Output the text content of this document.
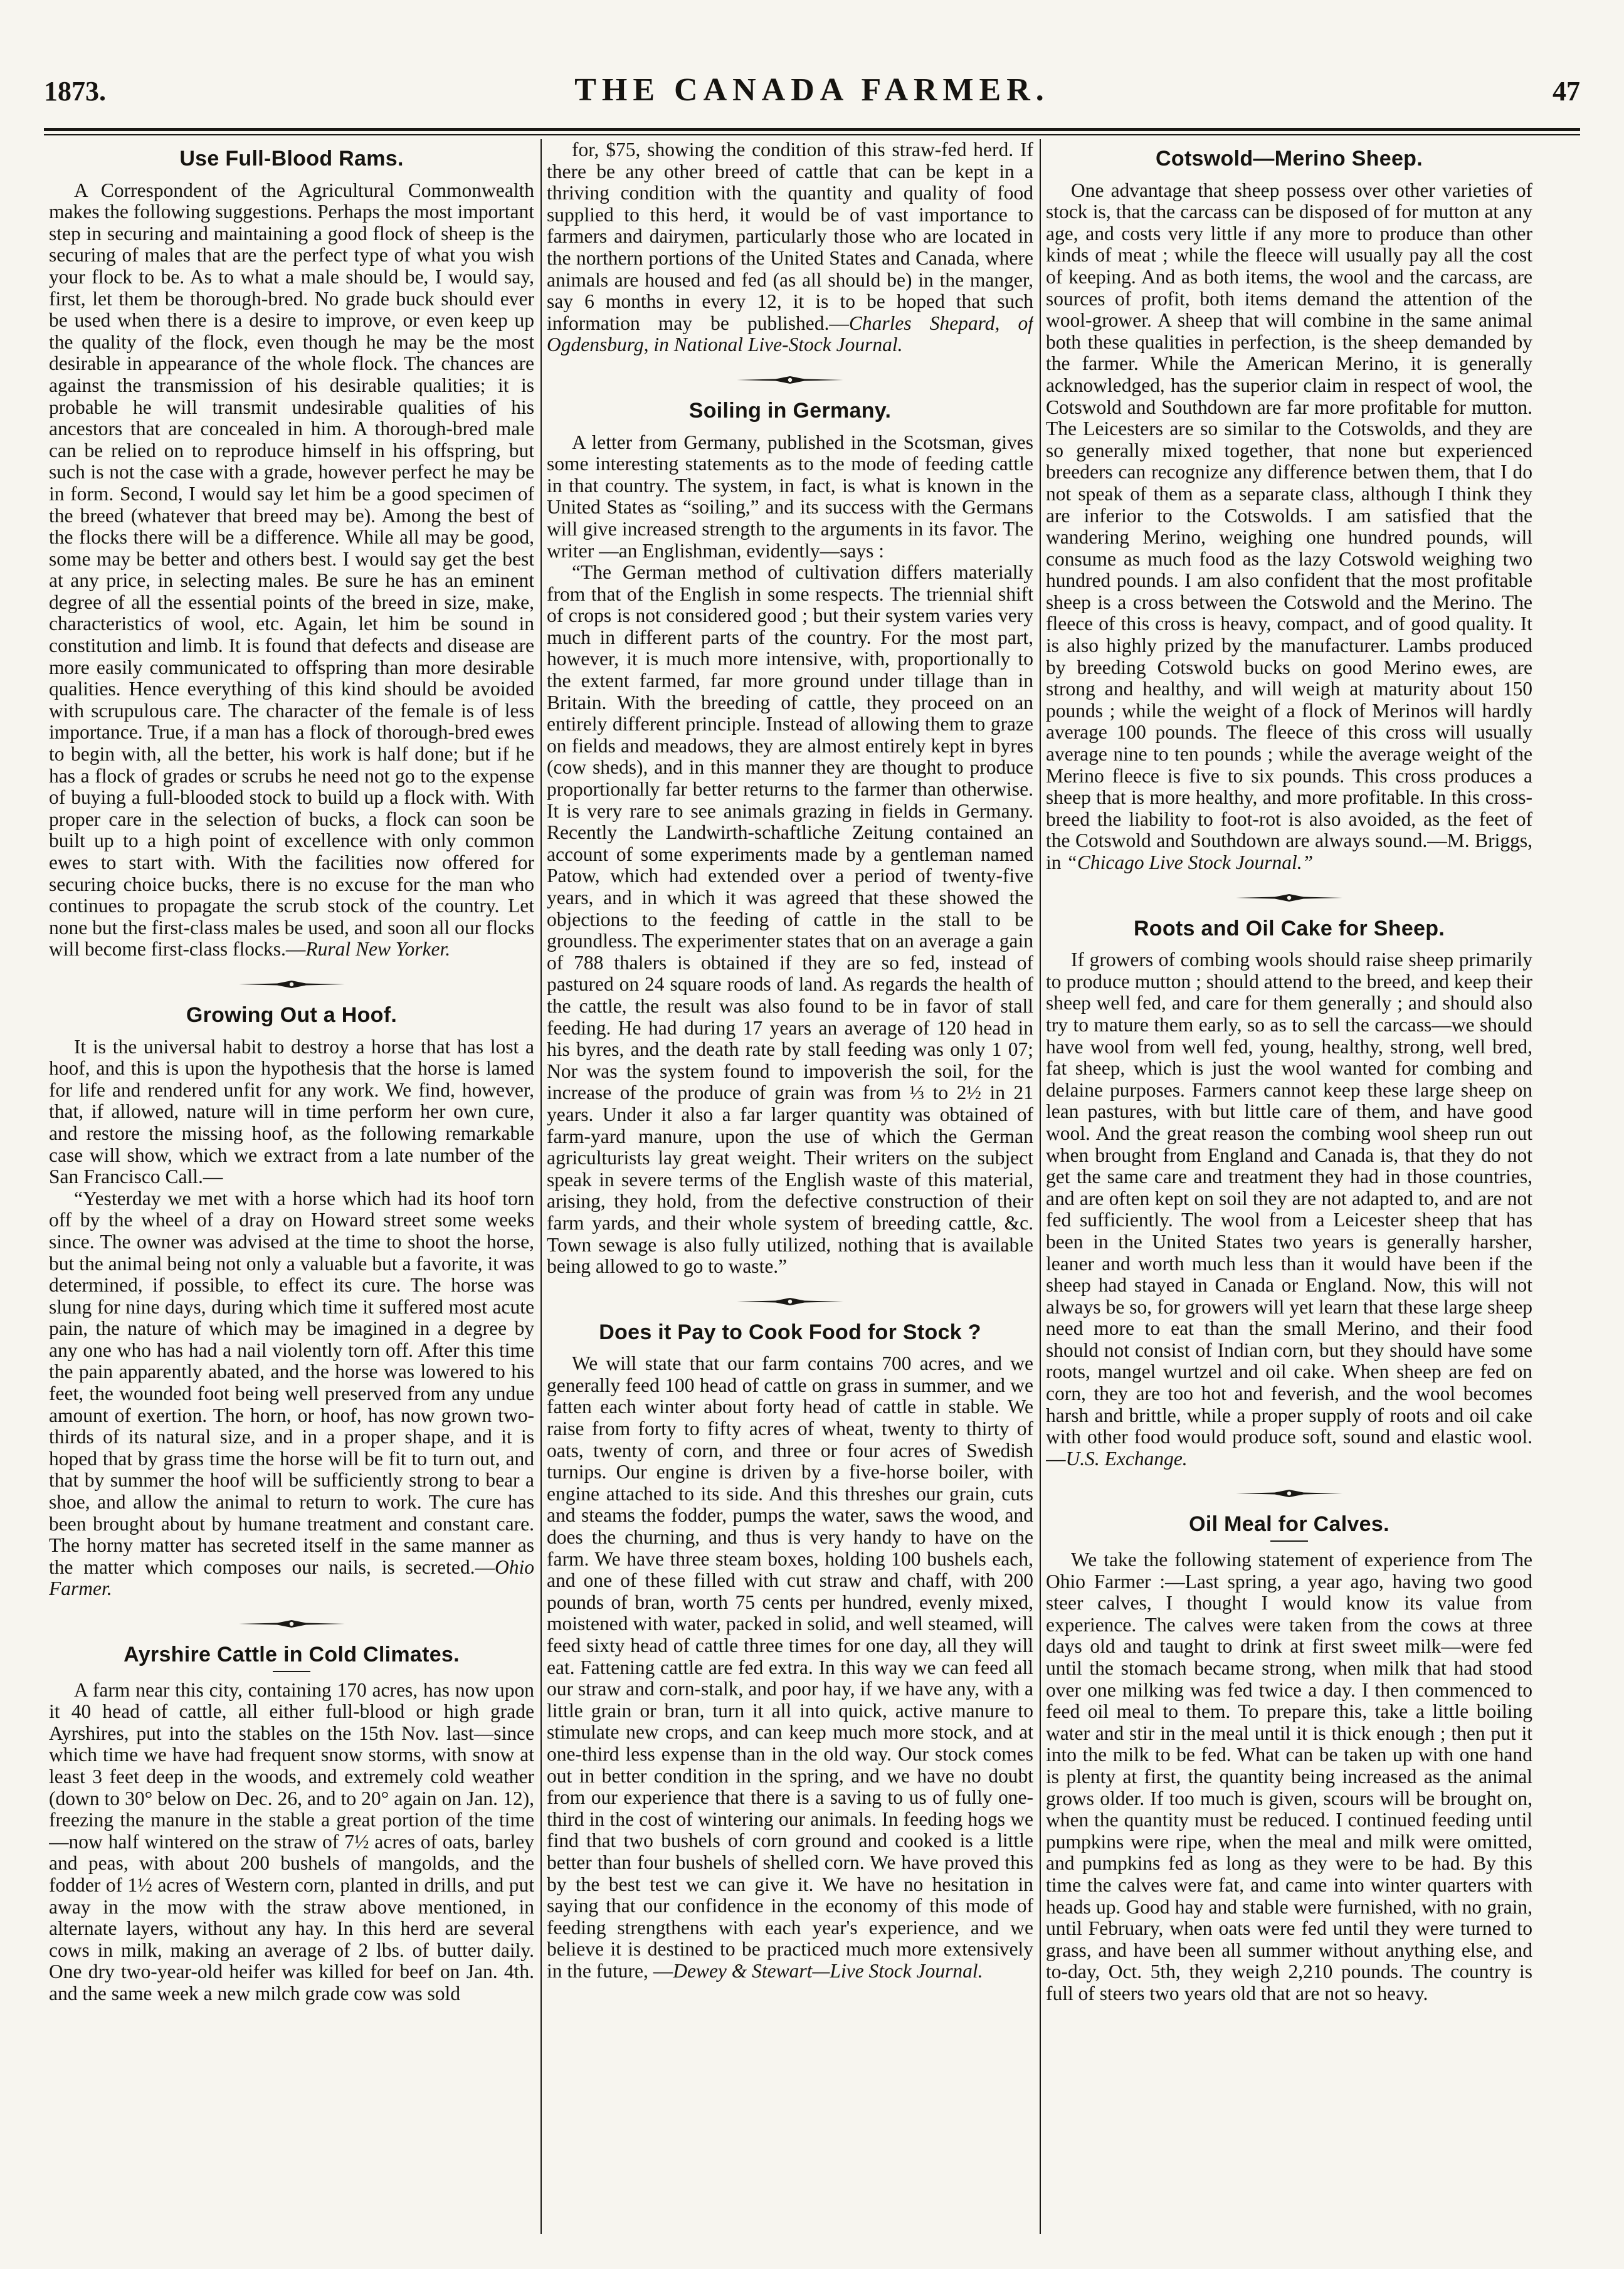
1873.	THE CANADA FARMER.	47
Use Full-Blood Rams.

A Correspondent of the Agricultural Commonwealth makes the following suggestions. Perhaps the most important step in securing and maintaining a good flock of sheep is the securing of males that are the perfect type of what you wish your flock to be. As to what a male should be, I would say, first, let them be thorough-bred. No grade buck should ever be used when there is a desire to improve, or even keep up the quality of the flock, even though he may be the most desirable in appearance of the whole flock. The chances are against the transmission of his desirable qualities; it is probable he will transmit undesirable qualities of his ancestors that are concealed in him. A thorough-bred male can be relied on to reproduce himself in his offspring, but such is not the case with a grade, however perfect he may be in form. Second, I would say let him be a good specimen of the breed (whatever that breed may be). Among the best of the flocks there will be a difference. While all may be good, some may be better and others best. I would say get the best at any price, in selecting males. Be sure he has an eminent degree of all the essential points of the breed in size, make, characteristics of wool, etc. Again, let him be sound in constitution and limb. It is found that defects and disease are more easily communicated to offspring than more desirable qualities. Hence everything of this kind should be avoided with scrupulous care. The character of the female is of less importance. True, if a man has a flock of thorough-bred ewes to begin with, all the better, his work is half done; but if he has a flock of grades or scrubs he need not go to the expense of buying a full-blooded stock to build up a flock with. With proper care in the selection of bucks, a flock can soon be built up to a high point of excellence with only common ewes to start with. With the facilities now offered for securing choice bucks, there is no excuse for the man who continues to propagate the scrub stock of the country. Let none but the first-class males be used, and soon all our flocks will become first-class flocks.—Rural New Yorker.

Growing Out a Hoof.

It is the universal habit to destroy a horse that has lost a hoof, and this is upon the hypothesis that the horse is lamed for life and rendered unfit for any work. We find, however, that, if allowed, nature will in time perform her own cure, and restore the missing hoof, as the following remarkable case will show, which we extract from a late number of the San Francisco Call.—

“Yesterday we met with a horse which had its hoof torn off by the wheel of a dray on Howard street some weeks since. The owner was advised at the time to shoot the horse, but the animal being not only a valuable but a favorite, it was determined, if possible, to effect its cure. The horse was slung for nine days, during which time it suffered most acute pain, the nature of which may be imagined in a degree by any one who has had a nail violently torn off. After this time the pain apparently abated, and the horse was lowered to his feet, the wounded foot being well preserved from any undue amount of exertion. The horn, or hoof, has now grown two-thirds of its natural size, and in a proper shape, and it is hoped that by grass time the horse will be fit to turn out, and that by summer the hoof will be sufficiently strong to bear a shoe, and allow the animal to return to work. The cure has been brought about by humane treatment and constant care. The horny matter has secreted itself in the same manner as the matter which composes our nails, is secreted.—Ohio Farmer.

Ayrshire Cattle in Cold Climates.

A farm near this city, containing 170 acres, has now upon it 40 head of cattle, all either full-blood or high grade Ayrshires, put into the stables on the 15th Nov. last—since which time we have had frequent snow storms, with snow at least 3 feet deep in the woods, and extremely cold weather (down to 30° below on Dec. 26, and to 20° again on Jan. 12), freezing the manure in the stable a great portion of the time—now half wintered on the straw of 7½ acres of oats, barley and peas, with about 200 bushels of mangolds, and the fodder of 1½ acres of Western corn, planted in drills, and put away in the mow with the straw above mentioned, in alternate layers, without any hay. In this herd are several cows in milk, making an average of 2 lbs. of butter daily. One dry two-year-old heifer was killed for beef on Jan. 4th. and the same week a new milch grade cow was sold

for, $75, showing the condition of this straw-fed herd. If there be any other breed of cattle that can be kept in a thriving condition with the quantity and quality of food supplied to this herd, it would be of vast importance to farmers and dairymen, particularly those who are located in the northern portions of the United States and Canada, where animals are housed and fed (as all should be) in the manger, say 6 months in every 12, it is to be hoped that such information may be published.—Charles Shepard, of Ogdensburg, in National Live-Stock Journal.

Soiling in Germany.

A letter from Germany, published in the Scotsman, gives some interesting statements as to the mode of feeding cattle in that country. The system, in fact, is what is known in the United States as “soiling,” and its success with the Germans will give increased strength to the arguments in its favor. The writer —an Englishman, evidently—says :

“The German method of cultivation differs materially from that of the English in some respects. The triennial shift of crops is not considered good ; but their system varies very much in different parts of the country. For the most part, however, it is much more intensive, with, proportionally to the extent farmed, far more ground under tillage than in Britain. With the breeding of cattle, they proceed on an entirely different principle. Instead of allowing them to graze on fields and meadows, they are almost entirely kept in byres (cow sheds), and in this manner they are thought to produce proportionally far better returns to the farmer than otherwise. It is very rare to see animals grazing in fields in Germany. Recently the Landwirth-schaftliche Zeitung contained an account of some experiments made by a gentleman named Patow, which had extended over a period of twenty-five years, and in which it was agreed that these showed the objections to the feeding of cattle in the stall to be groundless. The experimenter states that on an average a gain of 788 thalers is obtained if they are so fed, instead of pastured on 24 square roods of land. As regards the health of the cattle, the result was also found to be in favor of stall feeding. He had during 17 years an average of 120 head in his byres, and the death rate by stall feeding was only 1 07; Nor was the system found to impoverish the soil, for the increase of the produce of grain was from ⅓ to 2½ in 21 years. Under it also a far larger quantity was obtained of farm-yard manure, upon the use of which the German agriculturists lay great weight. Their writers on the subject speak in severe terms of the English waste of this material, arising, they hold, from the defective construction of their farm yards, and their whole system of breeding cattle, &c. Town sewage is also fully utilized, nothing that is available being allowed to go to waste.”

Does it Pay to Cook Food for Stock ?

We will state that our farm contains 700 acres, and we generally feed 100 head of cattle on grass in summer, and we fatten each winter about forty head of cattle in stable. We raise from forty to fifty acres of wheat, twenty to thirty of oats, twenty of corn, and three or four acres of Swedish turnips. Our engine is driven by a five-horse boiler, with engine attached to its side. And this threshes our grain, cuts and steams the fodder, pumps the water, saws the wood, and does the churning, and thus is very handy to have on the farm. We have three steam boxes, holding 100 bushels each, and one of these filled with cut straw and chaff, with 200 pounds of bran, worth 75 cents per hundred, evenly mixed, moistened with water, packed in solid, and well steamed, will feed sixty head of cattle three times for one day, all they will eat. Fattening cattle are fed extra. In this way we can feed all our straw and corn-stalk, and poor hay, if we have any, with a little grain or bran, turn it all into quick, active manure to stimulate new crops, and can keep much more stock, and at one-third less expense than in the old way. Our stock comes out in better condition in the spring, and we have no doubt from our experience that there is a saving to us of fully one-third in the cost of wintering our animals. In feeding hogs we find that two bushels of corn ground and cooked is a little better than four bushels of shelled corn. We have proved this by the best test we can give it. We have no hesitation in saying that our confidence in the economy of this mode of feeding strengthens with each year's experience, and we believe it is destined to be practiced much more extensively in the future, —Dewey & Stewart—Live Stock Journal.

Cotswold—Merino Sheep.

One advantage that sheep possess over other varieties of stock is, that the carcass can be disposed of for mutton at any age, and costs very little if any more to produce than other kinds of meat ; while the fleece will usually pay all the cost of keeping. And as both items, the wool and the carcass, are sources of profit, both items demand the attention of the wool-grower. A sheep that will combine in the same animal both these qualities in perfection, is the sheep demanded by the farmer. While the American Merino, it is generally acknowledged, has the superior claim in respect of wool, the Cotswold and Southdown are far more profitable for mutton. The Leicesters are so similar to the Cotswolds, and they are so generally mixed together, that none but experienced breeders can recognize any difference betwen them, that I do not speak of them as a separate class, although I think they are inferior to the Cotswolds. I am satisfied that the wandering Merino, weighing one hundred pounds, will consume as much food as the lazy Cotswold weighing two hundred pounds. I am also confident that the most profitable sheep is a cross between the Cotswold and the Merino. The fleece of this cross is heavy, compact, and of good quality. It is also highly prized by the manufacturer. Lambs produced by breeding Cotswold bucks on good Merino ewes, are strong and healthy, and will weigh at maturity about 150 pounds ; while the weight of a flock of Merinos will hardly average 100 pounds. The fleece of this cross will usually average nine to ten pounds ; while the average weight of the Merino fleece is five to six pounds. This cross produces a sheep that is more healthy, and more profitable. In this cross-breed the liability to foot-rot is also avoided, as the feet of the Cotswold and Southdown are always sound.—M. Briggs, in “Chicago Live Stock Journal.”

Roots and Oil Cake for Sheep.

If growers of combing wools should raise sheep primarily to produce mutton ; should attend to the breed, and keep their sheep well fed, and care for them generally ; and should also try to mature them early, so as to sell the carcass—we should have wool from well fed, young, healthy, strong, well bred, fat sheep, which is just the wool wanted for combing and delaine purposes. Farmers cannot keep these large sheep on lean pastures, with but little care of them, and have good wool. And the great reason the combing wool sheep run out when brought from England and Canada is, that they do not get the same care and treatment they had in those countries, and are often kept on soil they are not adapted to, and are not fed sufficiently. The wool from a Leicester sheep that has been in the United States two years is generally harsher, leaner and worth much less than it would have been if the sheep had stayed in Canada or England. Now, this will not always be so, for growers will yet learn that these large sheep need more to eat than the small Merino, and their food should not consist of Indian corn, but they should have some roots, mangel wurtzel and oil cake. When sheep are fed on corn, they are too hot and feverish, and the wool becomes harsh and brittle, while a proper supply of roots and oil cake with other food would produce soft, sound and elastic wool.—U.S. Exchange.

Oil Meal for Calves.

We take the following statement of experience from The Ohio Farmer :—Last spring, a year ago, having two good steer calves, I thought I would know its value from experience. The calves were taken from the cows at three days old and taught to drink at first sweet milk—were fed until the stomach became strong, when milk that had stood over one milking was fed twice a day. I then commenced to feed oil meal to them. To prepare this, take a little boiling water and stir in the meal until it is thick enough ; then put it into the milk to be fed. What can be taken up with one hand is plenty at first, the quantity being increased as the animal grows older. If too much is given, scours will be brought on, when the quantity must be reduced. I continued feeding until pumpkins were ripe, when the meal and milk were omitted, and pumpkins fed as long as they were to be had. By this time the calves were fat, and came into winter quarters with heads up. Good hay and stable were furnished, with no grain, until February, when oats were fed until they were turned to grass, and have been all summer without anything else, and to-day, Oct. 5th, they weigh 2,210 pounds. The country is full of steers two years old that are not so heavy.
